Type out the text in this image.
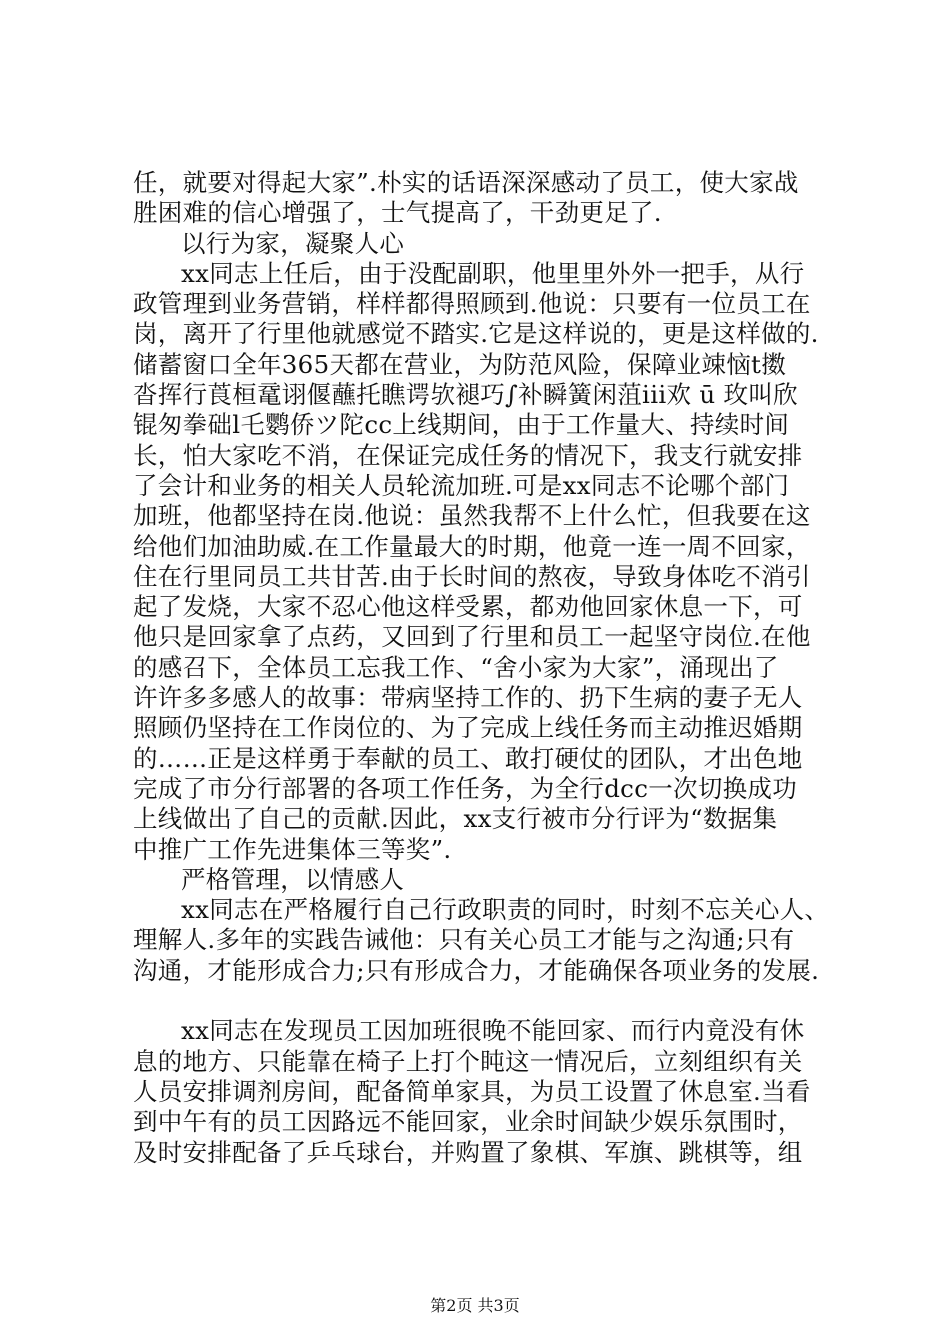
任，就要对得起大家”.朴实的话语深深感动了员工，使大家战
胜困难的信心增强了，士气提高了，干劲更足了.
以行为家，凝聚人心
xx同志上任后，由于没配副职，他里里外外一把手，从行
政管理到业务营销，样样都得照顾到.他说：只要有一位员工在
岗，离开了行里他就感觉不踏实.它是这样说的，更是这样做的.
储蓄窗口全年365天都在营业，为防范风险，保障业竦恼t擞
沓挥行莨桓鼋诩偃蘸托瞧谔欤褪巧∫补瞬簧闲菹iii欢 ū 玫叫欣
锟匆拳础l乇鹦侨ツ陀cc上线期间，由于工作量大、持续时间
长，怕大家吃不消，在保证完成任务的情况下，我支行就安排
了会计和业务的相关人员轮流加班.可是xx同志不论哪个部门
加班，他都坚持在岗.他说：虽然我帮不上什么忙，但我要在这
给他们加油助威.在工作量最大的时期，他竟一连一周不回家，
住在行里同员工共甘苦.由于长时间的熬夜，导致身体吃不消引
起了发烧，大家不忍心他这样受累，都劝他回家休息一下，可
他只是回家拿了点药，又回到了行里和员工一起坚守岗位.在他
的感召下，全体员工忘我工作、“舍小家为大家”，涌现出了
许许多多感人的故事：带病坚持工作的、扔下生病的妻子无人
照顾仍坚持在工作岗位的、为了完成上线任务而主动推迟婚期
的……正是这样勇于奉献的员工、敢打硬仗的团队，才出色地
完成了市分行部署的各项工作任务，为全行dcc一次切换成功
上线做出了自己的贡献.因此，xx支行被市分行评为“数据集
中推广工作先进集体三等奖”.
严格管理，以情感人
xx同志在严格履行自己行政职责的同时，时刻不忘关心人、
理解人.多年的实践告诫他：只有关心员工才能与之沟通;只有
沟通，才能形成合力;只有形成合力，才能确保各项业务的发展.
xx同志在发现员工因加班很晚不能回家、而行内竟没有休
息的地方、只能靠在椅子上打个盹这一情况后，立刻组织有关
人员安排调剂房间，配备简单家具，为员工设置了休息室.当看
到中午有的员工因路远不能回家，业余时间缺少娱乐氛围时，
及时安排配备了乒乓球台，并购置了象棋、军旗、跳棋等，组
第2页 共3页
